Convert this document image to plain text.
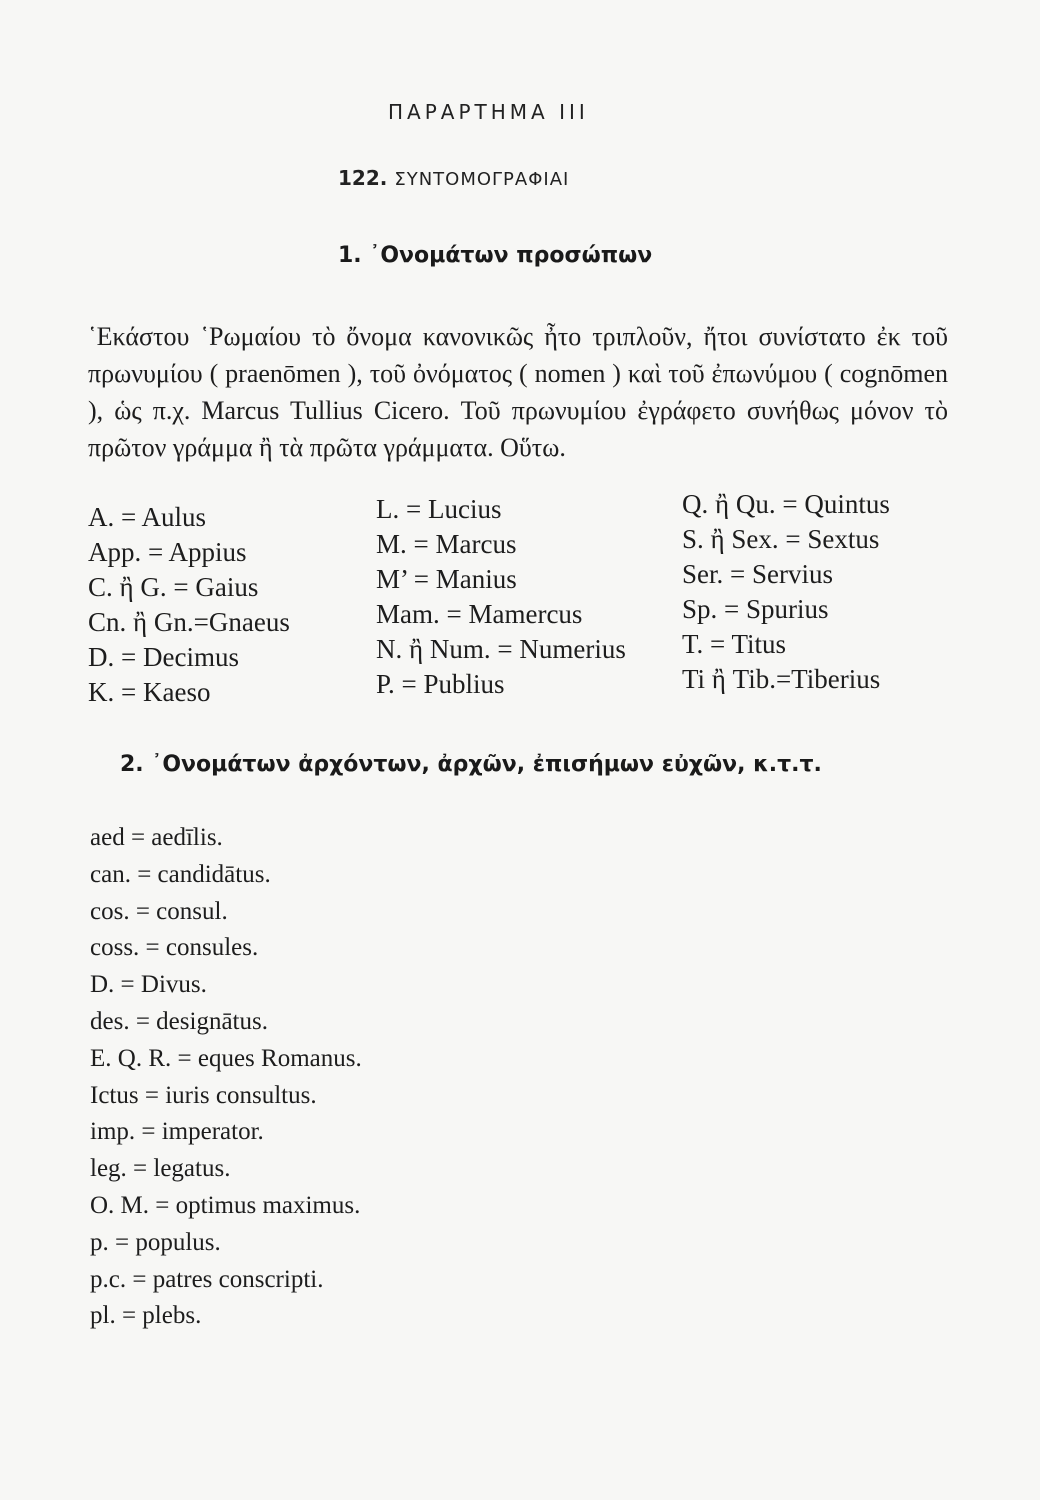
ΠΑΡΑΡΤΗΜΑ III
122. ΣΥΝΤΟΜΟΓΡΑΦΙΑΙ
1. ᾿Ονομάτων προσώπων
῾Εκάστου ῾Ρωμαίου τὸ ὄνομα κανονικῶς ἦτο τριπλοῦν, ἤτοι συνίστατο ἐκ τοῦ πρωνυμίου ( praenōmen ), τοῦ ὀνόματος ( nomen ) καὶ τοῦ ἐπωνύμου ( cognōmen ), ὡς π.χ. Marcus Tullius Cicero. Τοῦ πρωνυμίου ἐγράφετο συνήθως μόνον τὸ πρῶτον γράμμα ἢ τὰ πρῶτα γράμματα. Οὕτω.
A. = Aulus
App. = Appius
C. ἢ G. = Gaius
Cn. ἢ Gn.=Gnaeus
D. = Decimus
K. = Kaeso
L. = Lucius
M. = Marcus
M’ = Manius
Mam. = Mamercus
N. ἢ Num. = Numerius
P. = Publius
Q. ἢ Qu. = Quintus
S. ἢ Sex. = Sextus
Ser. = Servius
Sp. = Spurius
T. = Titus
Ti ἢ Tib.=Tiberius
2. ᾿Ονομάτων ἀρχόντων, ἀρχῶν, ἐπισήμων εὐχῶν, κ.τ.τ.
aed = aedīlis.
can. = candidātus.
cos. = consul.
coss. = consules.
D. = Divus.
des. = designātus.
E. Q. R. = eques Romanus.
Ictus = iuris consultus.
imp. = imperator.
leg. = legatus.
O. M. = optimus maximus.
p. = populus.
p.c. = patres conscripti.
pl. = plebs.
